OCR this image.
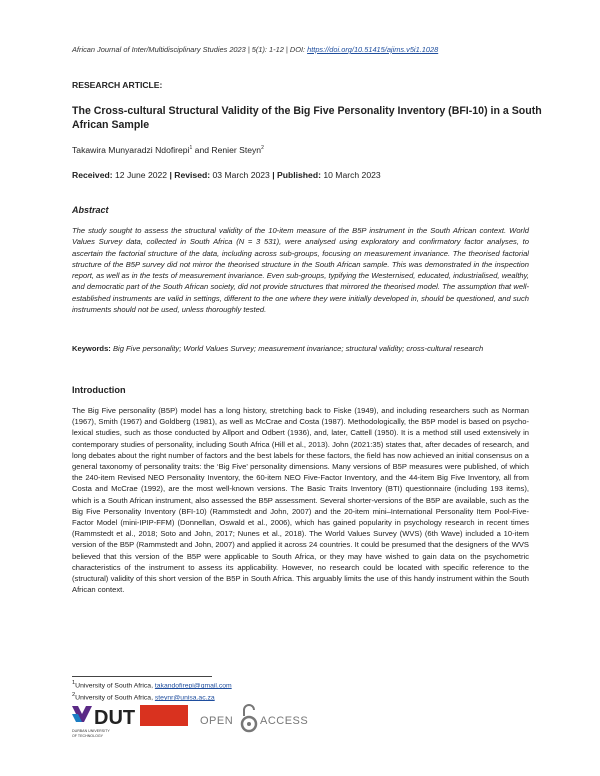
African Journal of Inter/Multidisciplinary Studies 2023 | 5(1): 1-12 | DOI: https://doi.org/10.51415/ajims.v5i1.1028
RESEARCH ARTICLE:
The Cross-cultural Structural Validity of the Big Five Personality Inventory (BFI-10) in a South African Sample
Takawira Munyaradzi Ndofirepi$^1$ and Renier Steyn$^2$
Received: 12 June 2022 | Revised: 03 March 2023 | Published: 10 March 2023
Abstract
The study sought to assess the structural validity of the 10-item measure of the B5P instrument in the South African context. World Values Survey data, collected in South Africa (N = 3 531), were analysed using exploratory and confirmatory factor analyses, to ascertain the factorial structure of the data, including across sub-groups, focusing on measurement invariance. The theorised factorial structure of the B5P survey did not mirror the theorised structure in the South African sample. This was demonstrated in the inspection report, as well as in the tests of measurement invariance. Even sub-groups, typifying the Westernised, educated, industrialised, wealthy, and democratic part of the South African society, did not provide structures that mirrored the theorised model. The assumption that well-established instruments are valid in settings, different to the one where they were initially developed in, should be questioned, and such instruments should not be used, unless thoroughly tested.
Keywords: Big Five personality; World Values Survey; measurement invariance; structural validity; cross-cultural research
Introduction
The Big Five personality (B5P) model has a long history, stretching back to Fiske (1949), and including researchers such as Norman (1967), Smith (1967) and Goldberg (1981), as well as McCrae and Costa (1987). Methodologically, the B5P model is based on psycho-lexical studies, such as those conducted by Allport and Odbert (1936), and, later, Cattell (1950). It is a method still used extensively in contemporary studies of personality, including South Africa (Hill et al., 2013). John (2021:35) states that, after decades of research, and long debates about the right number of factors and the best labels for these factors, the field has now achieved an initial consensus on a general taxonomy of personality traits: the ‘Big Five’ personality dimensions. Many versions of B5P measures were published, of which the 240-item Revised NEO Personality Inventory, the 60-item NEO Five-Factor Inventory, and the 44-item Big Five Inventory, all from Costa and McCrae (1992), are the most well-known versions. The Basic Traits Inventory (BTI) questionnaire (including 193 items), which is a South African instrument, also assessed the B5P assessment. Several shorter-versions of the B5P are available, such as the Big Five Personality Inventory (BFI-10) (Rammstedt and John, 2007) and the 20-item mini–International Personality Item Pool-Five-Factor Model (mini-IPIP-FFM) (Donnellan, Oswald et al., 2006), which has gained popularity in psychology research in recent times (Rammstedt et al., 2018; Soto and John, 2017; Nunes et al., 2018). The World Values Survey (WVS) (6th Wave) included a 10-item version of the B5P (Rammstedt and John, 2007) and applied it across 24 countries. It could be presumed that the designers of the WVS believed that this version of the B5P were applicable to South Africa, or they may have wished to gain data on the psychometric characteristics of the instrument to assess its applicability. However, no research could be located with specific reference to the (structural) validity of this short version of the B5P in South Africa. This arguably limits the use of this handy instrument within the South African context.
$^1$University of South Africa, takandofirepi@gmail.com
$^2$University of South Africa, steynr@unisa.ac.za
DUT
DURBAN UNIVERSITY
OF TECHNOLOGY
OPEN ACCESS
